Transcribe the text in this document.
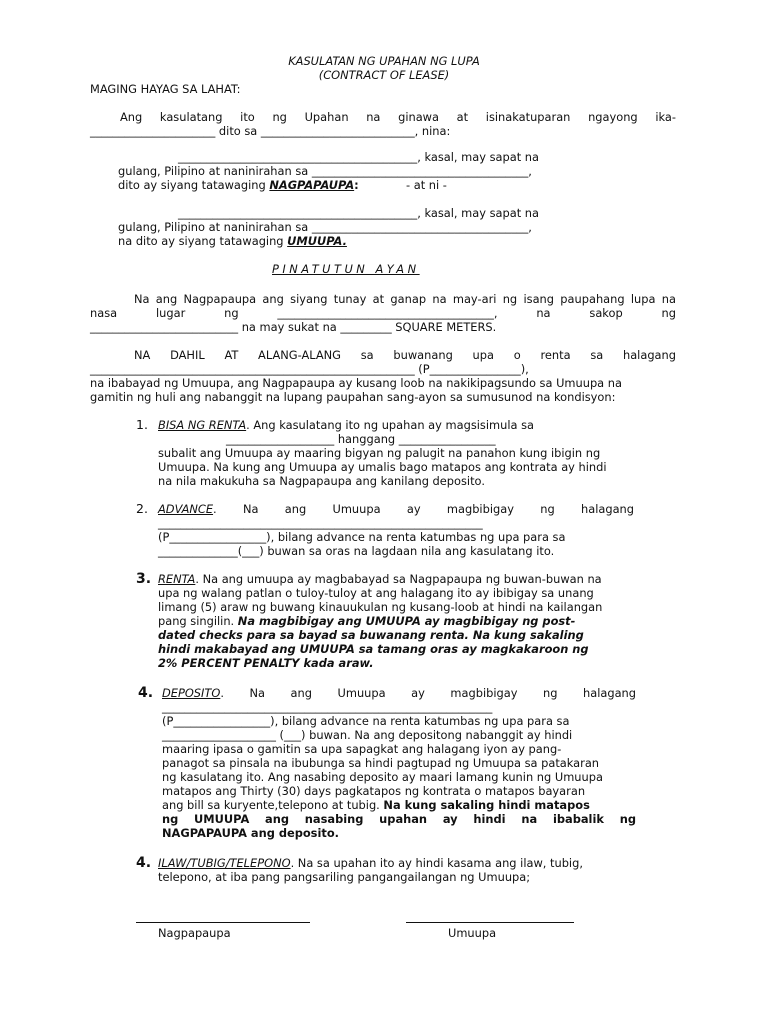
KASULATAN NG UPAHAN NG LUPA
(CONTRACT OF LEASE)
MAGING HAYAG SA LAHAT:
Ang kasulatang ito ng Upahan na ginawa at isinakatuparan ngayong ika-
______________________ dito sa ___________________________, nina:
__________________________________________, kasal, may sapat na
gulang, Pilipino at naninirahan sa ______________________________________,
dito ay siyang tatawaging NAGPAPAUPA:	- at ni -
__________________________________________, kasal, may sapat na
gulang, Pilipino at naninirahan sa ______________________________________,
na dito ay siyang tatawaging UMUUPA.
PINATUTUN AYAN
Na ang Nagpapaupa ang siyang tunay at ganap na may-ari ng isang paupahang lupa na
nasa lugar ng ______________________________________, na sakop ng
__________________________ na may sukat na _________ SQUARE METERS.
NA DAHIL AT ALANG-ALANG sa buwanang upa o renta sa halagang
_________________________________________________________ (P________________),
na ibabayad ng Umuupa, ang Nagpapaupa ay kusang loob na nakikipagsundo sa Umuupa na
gamitin ng huli ang nabanggit na lupang paupahan sang-ayon sa sumusunod na kondisyon:
1. BISA NG RENTA. Ang kasulatang ito ng upahan ay magsisimula sa
___________________ hanggang _________________
subalit ang Umuupa ay maaring bigyan ng palugit na panahon kung ibigin ng
Umuupa. Na kung ang Umuupa ay umalis bago matapos ang kontrata ay hindi
na nila makukuha sa Nagpapaupa ang kanilang deposito.
2. ADVANCE. Na ang Umuupa ay magbibigay ng halagang
_________________________________________________________
(P_________________), bilang advance na renta katumbas ng upa para sa
______________(___) buwan sa oras na lagdaan nila ang kasulatang ito.
3. RENTA. Na ang umuupa ay magbabayad sa Nagpapaupa ng buwan-buwan na
upa ng walang patlan o tuloy-tuloy at ang halagang ito ay ibibigay sa unang
limang (5) araw ng buwang kinauukulan ng kusang-loob at hindi na kailangan
pang singilin. Na magbibigay ang UMUUPA ay magbibigay ng post-
dated checks para sa bayad sa buwanang renta. Na kung sakaling
hindi makabayad ang UMUUPA sa tamang oras ay magkakaroon ng
2% PERCENT PENALTY kada araw.
4. DEPOSITO. Na ang Umuupa ay magbibigay ng halagang
__________________________________________________________
(P_________________), bilang advance na renta katumbas ng upa para sa
____________________ (___) buwan. Na ang depositong nabanggit ay hindi
maaring ipasa o gamitin sa upa sapagkat ang halagang iyon ay pang-
panagot sa pinsala na ibubunga sa hindi pagtupad ng Umuupa sa patakaran
ng kasulatang ito. Ang nasabing deposito ay maari lamang kunin ng Umuupa
matapos ang Thirty (30) days pagkatapos ng kontrata o matapos bayaran
ang bill sa kuryente,telepono at tubig. Na kung sakaling hindi matapos
ng UMUUPA ang nasabing upahan ay hindi na ibabalik ng
NAGPAPAUPA ang deposito.
4. ILAW/TUBIG/TELEPONO. Na sa upahan ito ay hindi kasama ang ilaw, tubig,
telepono, at iba pang pangsariling pangangailangan ng Umuupa;
Nagpapaupa	Umuupa
